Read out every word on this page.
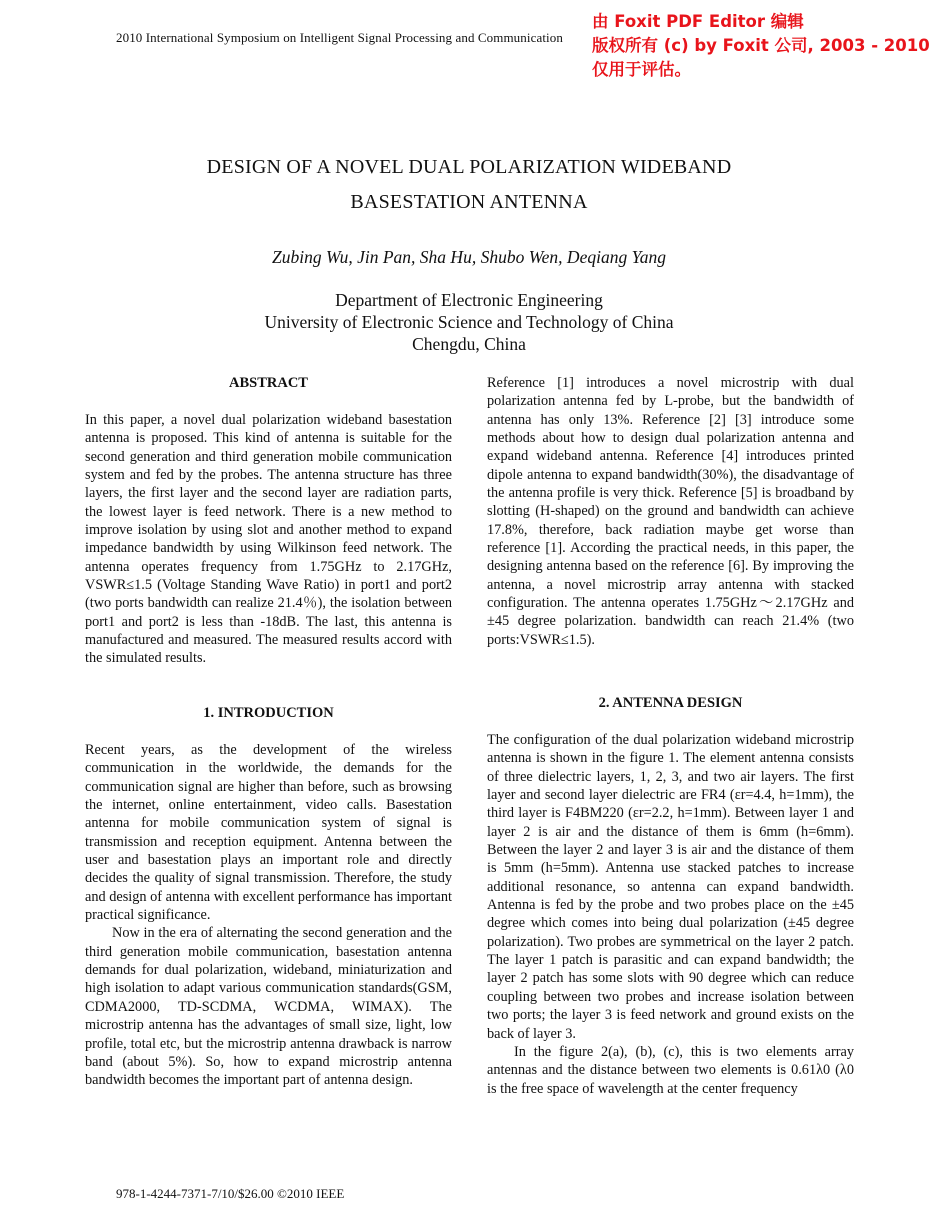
2010 International Symposium on Intelligent Signal Processing and Communication
由 Foxit PDF Editor 编辑
版权所有 (c) by Foxit 公司, 2003 - 2010
仅用于评估。
DESIGN OF A NOVEL DUAL POLARIZATION WIDEBAND
BASESTATION ANTENNA
Zubing Wu, Jin Pan, Sha Hu, Shubo Wen, Deqiang Yang
Department of Electronic Engineering
University of Electronic Science and Technology of China
Chengdu, China

ABSTRACT

In this paper, a novel dual polarization wideband basestation antenna is proposed. This kind of antenna is suitable for the second generation and third generation mobile communication system and fed by the probes. The antenna structure has three layers, the first layer and the second layer are radiation parts, the lowest layer is feed network. There is a new method to improve isolation by using slot and another method to expand impedance bandwidth by using Wilkinson feed network. The antenna operates frequency from 1.75GHz to 2.17GHz, VSWR≤1.5 (Voltage Standing Wave Ratio) in port1 and port2 (two ports bandwidth can realize 21.4％), the isolation between port1 and port2 is less than -18dB. The last, this antenna is manufactured and measured. The measured results accord with the simulated results.

1. INTRODUCTION

Recent years, as the development of the wireless communication in the worldwide, the demands for the communication signal are higher than before, such as browsing the internet, online entertainment, video calls. Basestation antenna for mobile communication system of signal is transmission and reception equipment. Antenna between the user and basestation plays an important role and directly decides the quality of signal transmission. Therefore, the study and design of antenna with excellent performance has important practical significance.

Now in the era of alternating the second generation and the third generation mobile communication, basestation antenna demands for dual polarization, wideband, miniaturization and high isolation to adapt various communication standards(GSM, CDMA2000, TD-SCDMA, WCDMA, WIMAX). The microstrip antenna has the advantages of small size, light, low profile, total etc, but the microstrip antenna drawback is narrow band (about 5%). So, how to expand microstrip antenna bandwidth becomes the important part of antenna design.

Reference [1] introduces a novel microstrip with dual polarization antenna fed by L-probe, but the bandwidth of antenna has only 13%. Reference [2] [3] introduce some methods about how to design dual polarization antenna and expand wideband antenna. Reference [4] introduces printed dipole antenna to expand bandwidth(30%), the disadvantage of the antenna profile is very thick. Reference [5] is broadband by slotting (H-shaped) on the ground and bandwidth can achieve 17.8%, therefore, back radiation maybe get worse than reference [1]. According the practical needs, in this paper, the designing antenna based on the reference [6]. By improving the antenna, a novel microstrip array antenna with stacked configuration. The antenna operates 1.75GHz～2.17GHz and ±45 degree polarization. bandwidth can reach 21.4% (two ports:VSWR≤1.5).

2. ANTENNA DESIGN

The configuration of the dual polarization wideband microstrip antenna is shown in the figure 1. The element antenna consists of three dielectric layers, 1, 2, 3, and two air layers. The first layer and second layer dielectric are FR4 (εr=4.4, h=1mm), the third layer is F4BM220 (εr=2.2, h=1mm). Between layer 1 and layer 2 is air and the distance of them is 6mm (h=6mm). Between the layer 2 and layer 3 is air and the distance of them is 5mm (h=5mm). Antenna use stacked patches to increase additional resonance, so antenna can expand bandwidth. Antenna is fed by the probe and two probes place on the ±45 degree which comes into being dual polarization (±45 degree polarization). Two probes are symmetrical on the layer 2 patch. The layer 1 patch is parasitic and can expand bandwidth; the layer 2 patch has some slots with 90 degree which can reduce coupling between two probes and increase isolation between two ports; the layer 3 is feed network and ground exists on the back of layer 3.

In the figure 2(a), (b), (c), this is two elements array antennas and the distance between two elements is 0.61λ0 (λ0 is the free space of wavelength at the center frequency

978-1-4244-7371-7/10/$26.00 ©2010 IEEE
